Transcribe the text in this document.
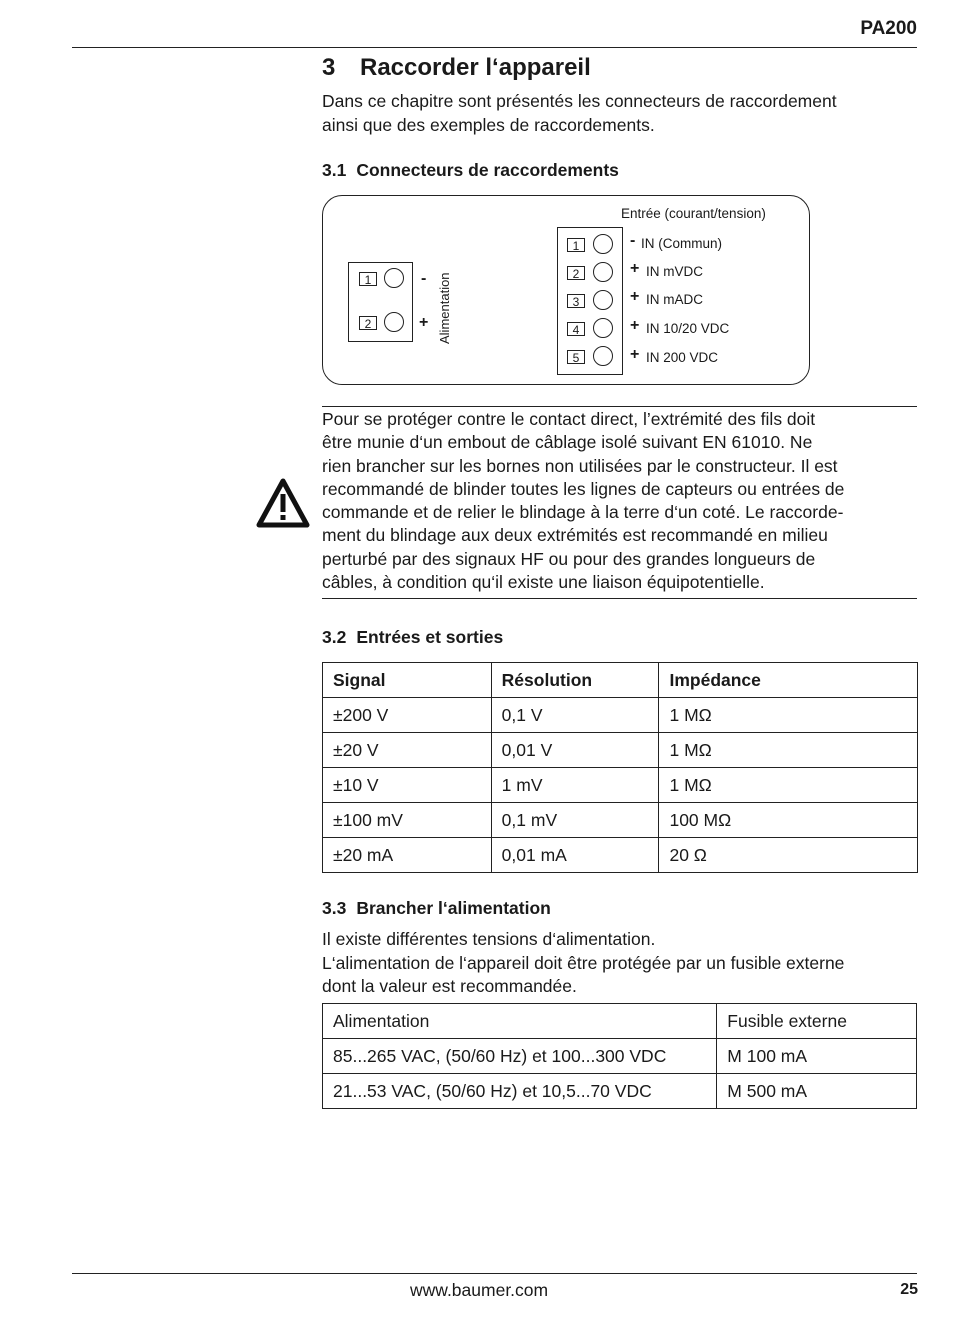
PA200
3 Raccorder l‘appareil
Dans ce chapitre sont présentés les connecteurs de raccordement
ainsi que des exemples de raccordements.
3.1 Connecteurs de raccordements
1	-
2	+ Alimentation
Entrée (courant/tension)
1	- IN (Commun)
2	+ IN mVDC
3	+ IN mADC
4	+ IN 10/20 VDC
5	+ IN 200 VDC
Pour se protéger contre le contact direct, l’extrémité des fils doit
être munie d‘un embout de câblage isolé suivant EN 61010. Ne
rien brancher sur les bornes non utilisées par le constructeur. Il est
recommandé de blinder toutes les lignes de capteurs ou entrées de
commande et de relier le blindage à la terre d‘un coté. Le raccorde-
ment du blindage aux deux extrémités est recommandé en milieu
perturbé par des signaux HF ou pour des grandes longueurs de
câbles, à condition qu‘il existe une liaison équipotentielle.
3.2 Entrées et sorties
Signal	Résolution	Impédance
±200 V	0,1 V	1 MΩ
±20 V	0,01 V	1 MΩ
±10 V	1 mV	1 MΩ
±100 mV	0,1 mV	100 MΩ
±20 mA	0,01 mA	20 Ω
3.3 Brancher l‘alimentation
Il existe différentes tensions d‘alimentation.
L‘alimentation de l‘appareil doit être protégée par un fusible externe
dont la valeur est recommandée.
Alimentation	Fusible externe
85...265 VAC, (50/60 Hz) et 100...300 VDC	M 100 mA
21...53 VAC, (50/60 Hz) et 10,5...70 VDC	M 500 mA
www.baumer.com	25
